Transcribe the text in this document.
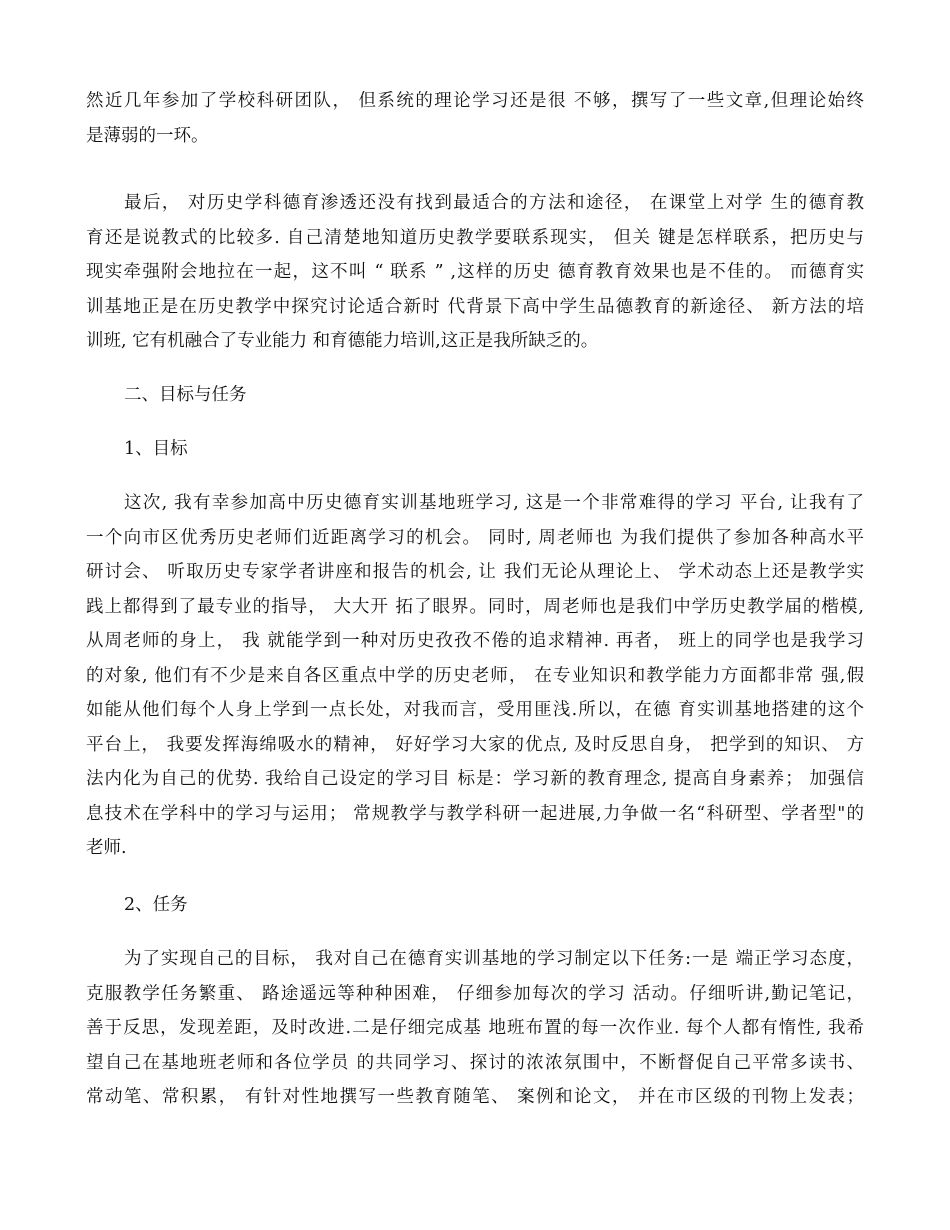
然近几年参加了学校科研团队， 但系统的理论学习还是很 不够，撰写了一些文章,但理论始终
是薄弱的一环。
最后， 对历史学科德育渗透还没有找到最适合的方法和途径， 在课堂上对学 生的德育教
育还是说教式的比较多. 自己清楚地知道历史教学要联系现实， 但关 键是怎样联系，把历史与
现实牵强附会地拉在一起，这不叫 “ 联系 ” ,这样的历史 德育教育效果也是不佳的。 而德育实
训基地正是在历史教学中探究讨论适合新时 代背景下高中学生品德教育的新途径、 新方法的培
训班, 它有机融合了专业能力 和育德能力培训,这正是我所缺乏的。
二、目标与任务
1、目标
这次, 我有幸参加高中历史德育实训基地班学习, 这是一个非常难得的学习 平台, 让我有了
一个向市区优秀历史老师们近距离学习的机会。 同时, 周老师也 为我们提供了参加各种高水平
研讨会、 听取历史专家学者讲座和报告的机会, 让 我们无论从理论上、 学术动态上还是教学实
践上都得到了最专业的指导， 大大开 拓了眼界。同时，周老师也是我们中学历史教学届的楷模,
从周老师的身上， 我 就能学到一种对历史孜孜不倦的追求精神. 再者， 班上的同学也是我学习
的对象, 他们有不少是来自各区重点中学的历史老师， 在专业知识和教学能力方面都非常 强,假
如能从他们每个人身上学到一点长处，对我而言，受用匪浅.所以，在德 育实训基地搭建的这个
平台上， 我要发挥海绵吸水的精神， 好好学习大家的优点, 及时反思自身， 把学到的知识、 方
法内化为自己的优势. 我给自己设定的学习目 标是：学习新的教育理念, 提高自身素养； 加强信
息技术在学科中的学习与运用； 常规教学与教学科研一起进展,力争做一名“科研型、学者型"的
老师.
2、任务
为了实现自己的目标， 我对自己在德育实训基地的学习制定以下任务:一是 端正学习态度，
克服教学任务繁重、 路途遥远等种种困难， 仔细参加每次的学习 活动。仔细听讲,勤记笔记，
善于反思，发现差距，及时改进.二是仔细完成基 地班布置的每一次作业. 每个人都有惰性, 我希
望自己在基地班老师和各位学员 的共同学习、探讨的浓浓氛围中，不断督促自己平常多读书、
常动笔、常积累， 有针对性地撰写一些教育随笔、 案例和论文， 并在市区级的刊物上发表；
